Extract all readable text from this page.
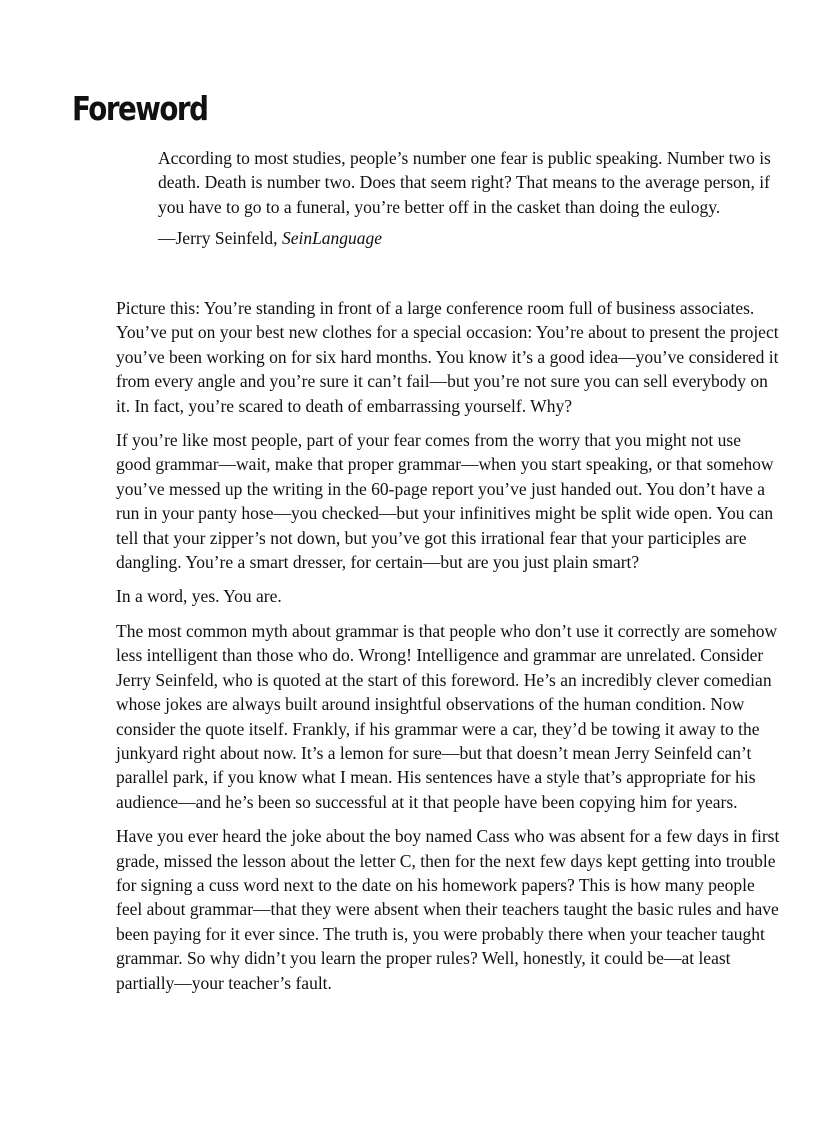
Foreword

According to most studies, people’s number one fear is public speaking. Number two is death. Death is number two. Does that seem right? That means to the average person, if you have to go to a funeral, you’re better off in the casket than doing the eulogy.

—Jerry Seinfeld, SeinLanguage

Picture this: You’re standing in front of a large conference room full of business associates. You’ve put on your best new clothes for a special occasion: You’re about to present the project you’ve been working on for six hard months. You know it’s a good idea—you’ve considered it from every angle and you’re sure it can’t fail—but you’re not sure you can sell everybody on it. In fact, you’re scared to death of embarrassing yourself. Why?

If you’re like most people, part of your fear comes from the worry that you might not use good grammar—wait, make that proper grammar—when you start speaking, or that somehow you’ve messed up the writing in the 60-page report you’ve just handed out. You don’t have a run in your panty hose—you checked—but your infinitives might be split wide open. You can tell that your zipper’s not down, but you’ve got this irrational fear that your participles are dangling. You’re a smart dresser, for certain—but are you just plain smart?

In a word, yes. You are.

The most common myth about grammar is that people who don’t use it correctly are somehow less intelligent than those who do. Wrong! Intelligence and grammar are unrelated. Consider Jerry Seinfeld, who is quoted at the start of this foreword. He’s an incredibly clever comedian whose jokes are always built around insightful observations of the human condition. Now consider the quote itself. Frankly, if his grammar were a car, they’d be towing it away to the junkyard right about now. It’s a lemon for sure—but that doesn’t mean Jerry Seinfeld can’t parallel park, if you know what I mean. His sentences have a style that’s appropriate for his audience—and he’s been so successful at it that people have been copying him for years.

Have you ever heard the joke about the boy named Cass who was absent for a few days in first grade, missed the lesson about the letter C, then for the next few days kept getting into trouble for signing a cuss word next to the date on his homework papers? This is how many people feel about grammar—that they were absent when their teachers taught the basic rules and have been paying for it ever since. The truth is, you were probably there when your teacher taught grammar. So why didn’t you learn the proper rules? Well, honestly, it could be—at least partially—your teacher’s fault.
